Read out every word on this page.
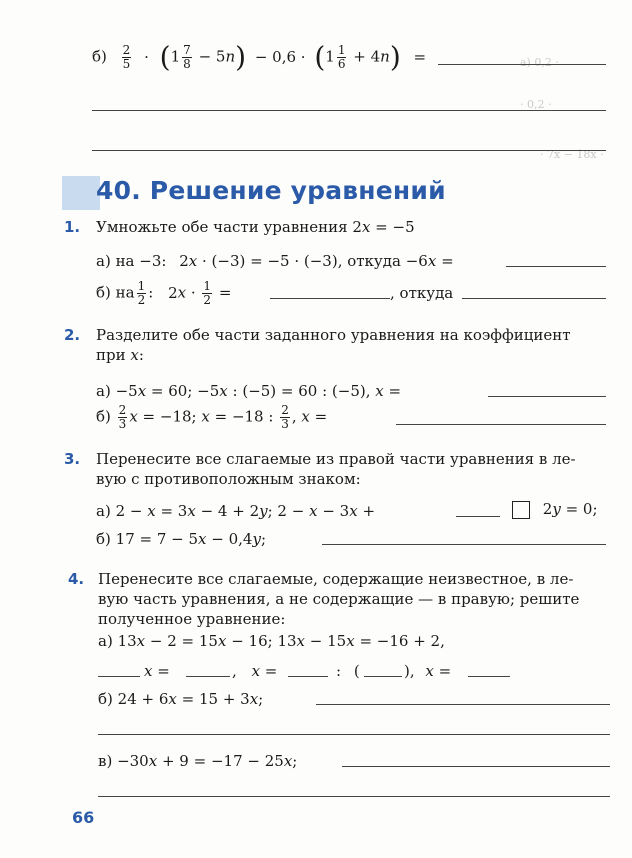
а) 0,2 ·
· 0,2 ·
· 7x − 18x ·
$б) \frac{2}{5} \cdot (1 \frac{7}{8} - 5n) - 0,6 \cdot (1 \frac{1}{6} + 4n)$ =
40. Решение уравнений
1. Умножьте обе части уравнения 2x = −5
а) на −3: 2x · (−3) = −5 · (−3), откуда −6x =
б) на $\frac{1}{2}$ : $2x \cdot \frac{1}{2}$ =	, откуда
2. Разделите обе части заданного уравнения на коэффициент
при x:
а) −5x = 60; −5x : (−5) = 60 : (−5), x =
$б) \frac{2}{3}$ x = −18; x = −18 : $\frac{2}{3}$ , x =
3. Перенесите все слагаемые из правой части уравнения в ле-
вую с противоположным знаком:
а) 2 − x = 3x − 4 + 2y; 2 − x − 3x +	2y = 0;
б) 17 = 7 − 5x − 0,4y;
4. Перенесите все слагаемые, содержащие неизвестное, в ле-
вую часть уравнения, а не содержащие — в правую; решите
полученное уравнение:
а) 13x − 2 = 15x − 16; 13x − 15x = −16 + 2,
x =	, x =	: (	), x =
б) 24 + 6x = 15 + 3x;
в) −30x + 9 = −17 − 25x;
66
